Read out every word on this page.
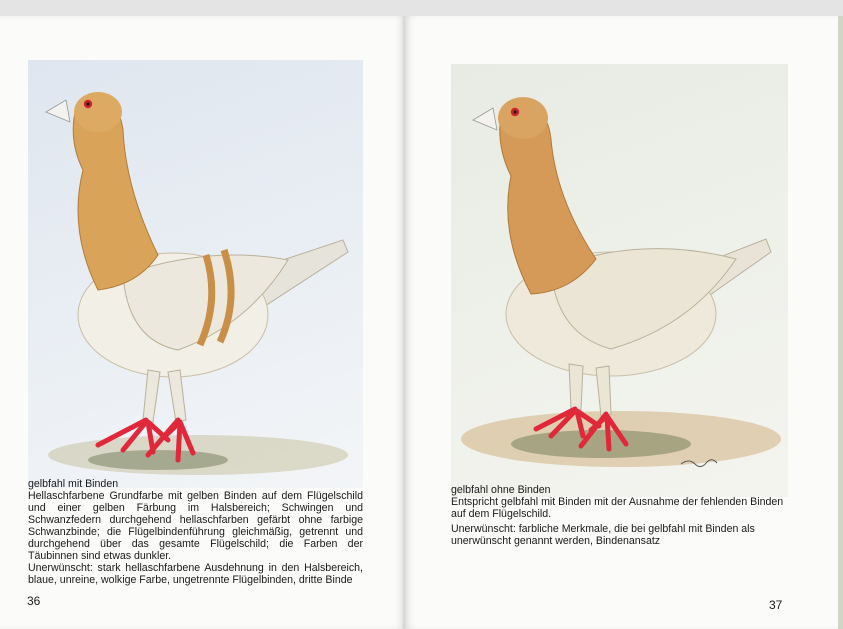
gelbfahl mit Binden

Hellaschfarbene Grundfarbe mit gelben Binden auf dem Flügelschild und einer gelben Färbung im Halsbereich; Schwingen und Schwanzfedern durchgehend hellaschfarben gefärbt ohne farbige Schwanzbinde; die Flügelbindenführung gleichmäßig, getrennt und durchgehend über das gesamte Flügelschild; die Farben der Täubinnen sind etwas dunkler.

Unerwünscht: stark hellaschfarbene Ausdehnung in den Halsbereich, blaue, unreine, wolkige Farbe, ungetrennte Flügelbinden, dritte Binde

36
gelbfahl ohne Binden

Entspricht gelbfahl mit Binden mit der Ausnahme der fehlenden Binden auf dem Flügelschild.

Unerwünscht: farbliche Merkmale, die bei gelbfahl mit Binden als unerwünscht genannt werden, Bindenansatz

37
